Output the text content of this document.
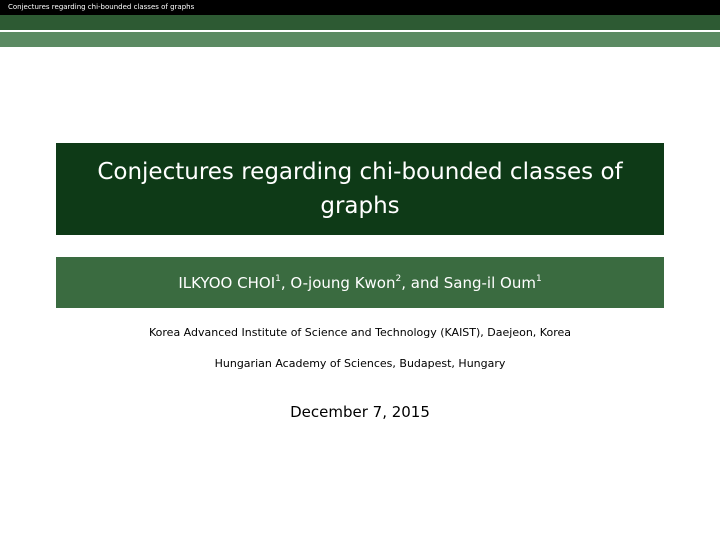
Conjectures regarding chi-bounded classes of graphs
Conjectures regarding chi-bounded classes of graphs
ILKYOO CHOI$^1$, O-joung Kwon$^2$, and Sang-il Oum$^1$
Korea Advanced Institute of Science and Technology (KAIST), Daejeon, Korea
Hungarian Academy of Sciences, Budapest, Hungary
December 7, 2015
